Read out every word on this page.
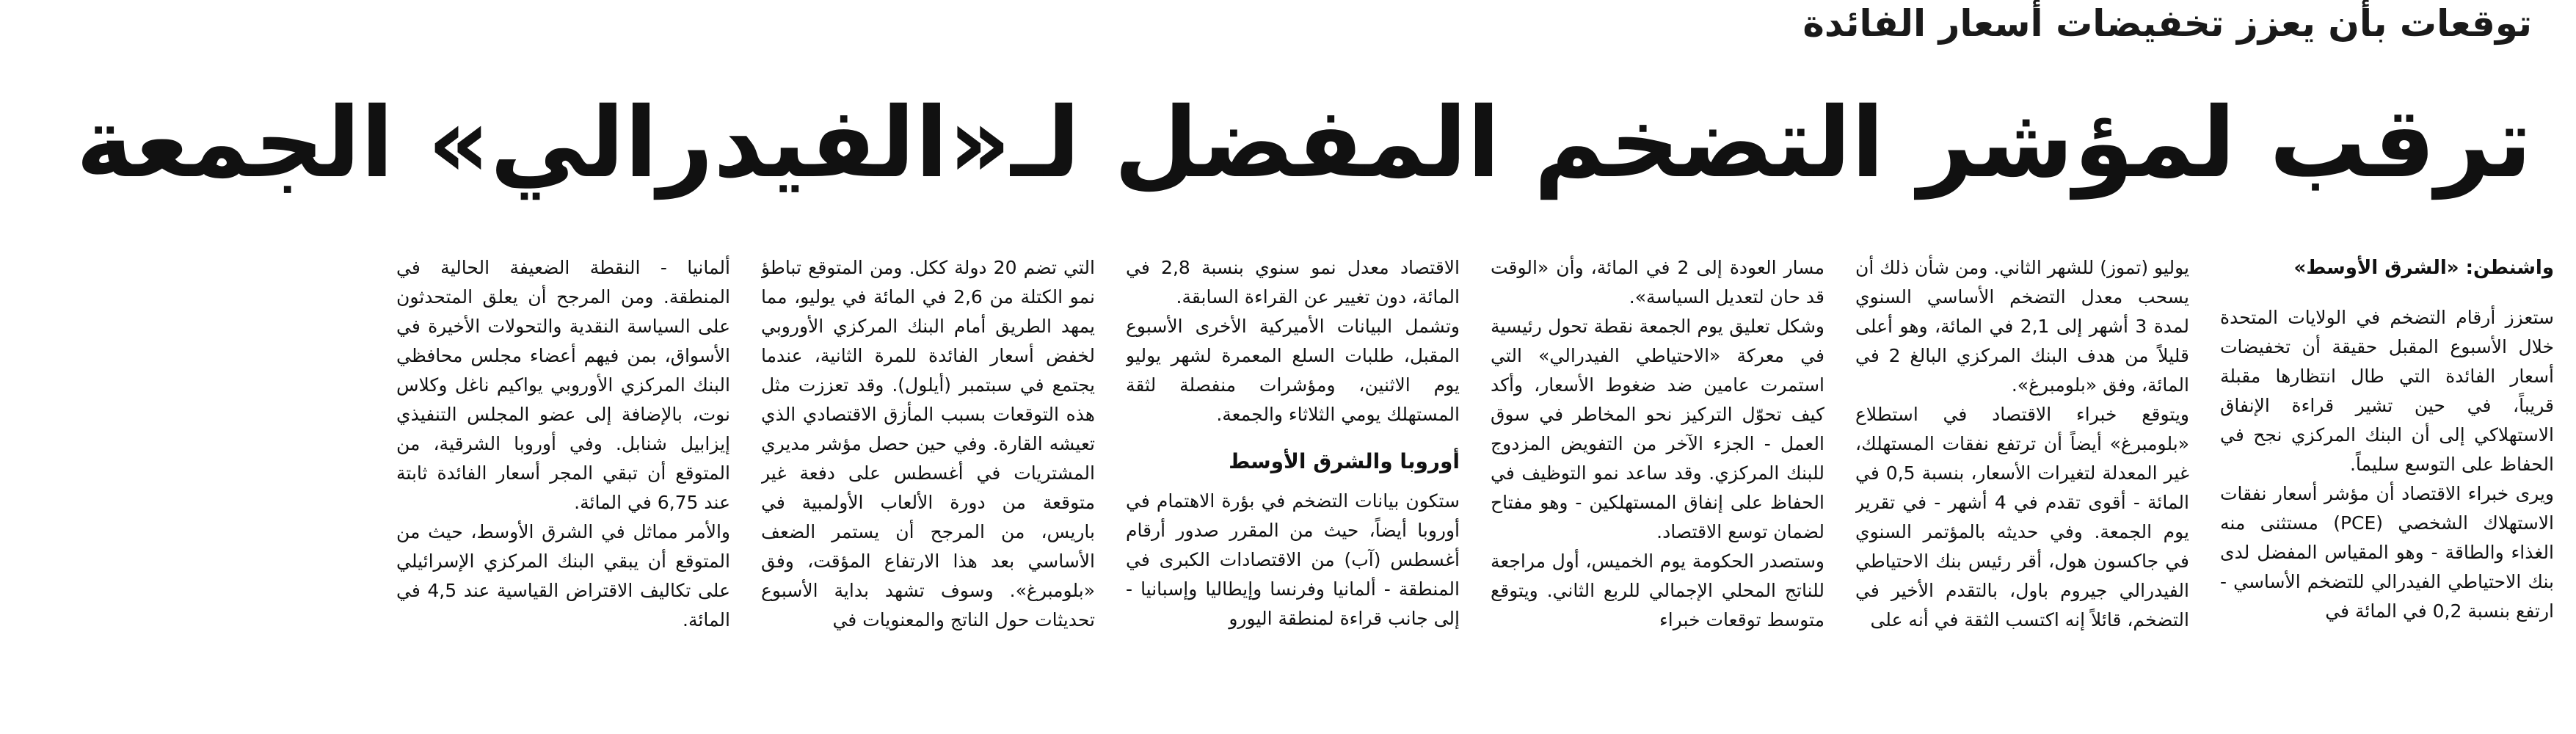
توقعات بأن يعزز تخفيضات أسعار الفائدة
ترقب لمؤشر التضخم المفضل لـ«الفيدرالي» الجمعة

واشنطن: «الشرق الأوسط»

ستعزز أرقام التضخم في الولايات المتحدة خلال الأسبوع المقبل حقيقة أن تخفيضات أسعار الفائدة التي طال انتظارها مقبلة قريباً، في حين تشير قراءة الإنفاق الاستهلاكي إلى أن البنك المركزي نجح في الحفاظ على التوسع سليماً.

ويرى خبراء الاقتصاد أن مؤشر أسعار نفقات الاستهلاك الشخصي (PCE) مستثنى منه الغذاء والطاقة - وهو المقياس المفضل لدى بنك الاحتياطي الفيدرالي للتضخم الأساسي - ارتفع بنسبة 0,2 في المائة في

يوليو (تموز) للشهر الثاني. ومن شأن ذلك أن يسحب معدل التضخم الأساسي السنوي لمدة 3 أشهر إلى 2,1 في المائة، وهو أعلى قليلاً من هدف البنك المركزي البالغ 2 في المائة، وفق «بلومبرغ».

ويتوقع خبراء الاقتصاد في استطلاع «بلومبرغ» أيضاً أن ترتفع نفقات المستهلك، غير المعدلة لتغيرات الأسعار، بنسبة 0,5 في المائة - أقوى تقدم في 4 أشهر - في تقرير يوم الجمعة. وفي حديثه بالمؤتمر السنوي في جاكسون هول، أقر رئيس بنك الاحتياطي الفيدرالي جيروم باول، بالتقدم الأخير في التضخم، قائلاً إنه اكتسب الثقة في أنه على

مسار العودة إلى 2 في المائة، وأن «الوقت قد حان لتعديل السياسة».

وشكل تعليق يوم الجمعة نقطة تحول رئيسية في معركة «الاحتياطي الفيدرالي» التي استمرت عامين ضد ضغوط الأسعار، وأكد كيف تحوّل التركيز نحو المخاطر في سوق العمل - الجزء الآخر من التفويض المزدوج للبنك المركزي. وقد ساعد نمو التوظيف في الحفاظ على إنفاق المستهلكين - وهو مفتاح لضمان توسع الاقتصاد.

وستصدر الحكومة يوم الخميس، أول مراجعة للناتج المحلي الإجمالي للربع الثاني. ويتوقع متوسط توقعات خبراء

الاقتصاد معدل نمو سنوي بنسبة 2,8 في المائة، دون تغيير عن القراءة السابقة.

وتشمل البيانات الأميركية الأخرى الأسبوع المقبل، طلبات السلع المعمرة لشهر يوليو يوم الاثنين، ومؤشرات منفصلة لثقة المستهلك يومي الثلاثاء والجمعة.

أوروبا والشرق الأوسط

ستكون بيانات التضخم في بؤرة الاهتمام في أوروبا أيضاً، حيث من المقرر صدور أرقام أغسطس (آب) من الاقتصادات الكبرى في المنطقة - ألمانيا وفرنسا وإيطاليا وإسبانيا - إلى جانب قراءة لمنطقة اليورو

التي تضم 20 دولة ككل. ومن المتوقع تباطؤ نمو الكتلة من 2,6 في المائة في يوليو، مما يمهد الطريق أمام البنك المركزي الأوروبي لخفض أسعار الفائدة للمرة الثانية، عندما يجتمع في سبتمبر (أيلول). وقد تعززت مثل هذه التوقعات بسبب المأزق الاقتصادي الذي تعيشه القارة. وفي حين حصل مؤشر مديري المشتريات في أغسطس على دفعة غير متوقعة من دورة الألعاب الأولمبية في باريس، من المرجح أن يستمر الضعف الأساسي بعد هذا الارتفاع المؤقت، وفق «بلومبرغ». وسوف تشهد بداية الأسبوع تحديثات حول الناتج والمعنويات في

ألمانيا - النقطة الضعيفة الحالية في المنطقة. ومن المرجح أن يعلق المتحدثون على السياسة النقدية والتحولات الأخيرة في الأسواق، بمن فيهم أعضاء مجلس محافظي البنك المركزي الأوروبي يواكيم ناغل وكلاس نوت، بالإضافة إلى عضو المجلس التنفيذي إيزابيل شنابل. وفي أوروبا الشرقية، من المتوقع أن تبقي المجر أسعار الفائدة ثابتة عند 6,75 في المائة.

والأمر مماثل في الشرق الأوسط، حيث من المتوقع أن يبقي البنك المركزي الإسرائيلي على تكاليف الاقتراض القياسية عند 4,5 في المائة.
